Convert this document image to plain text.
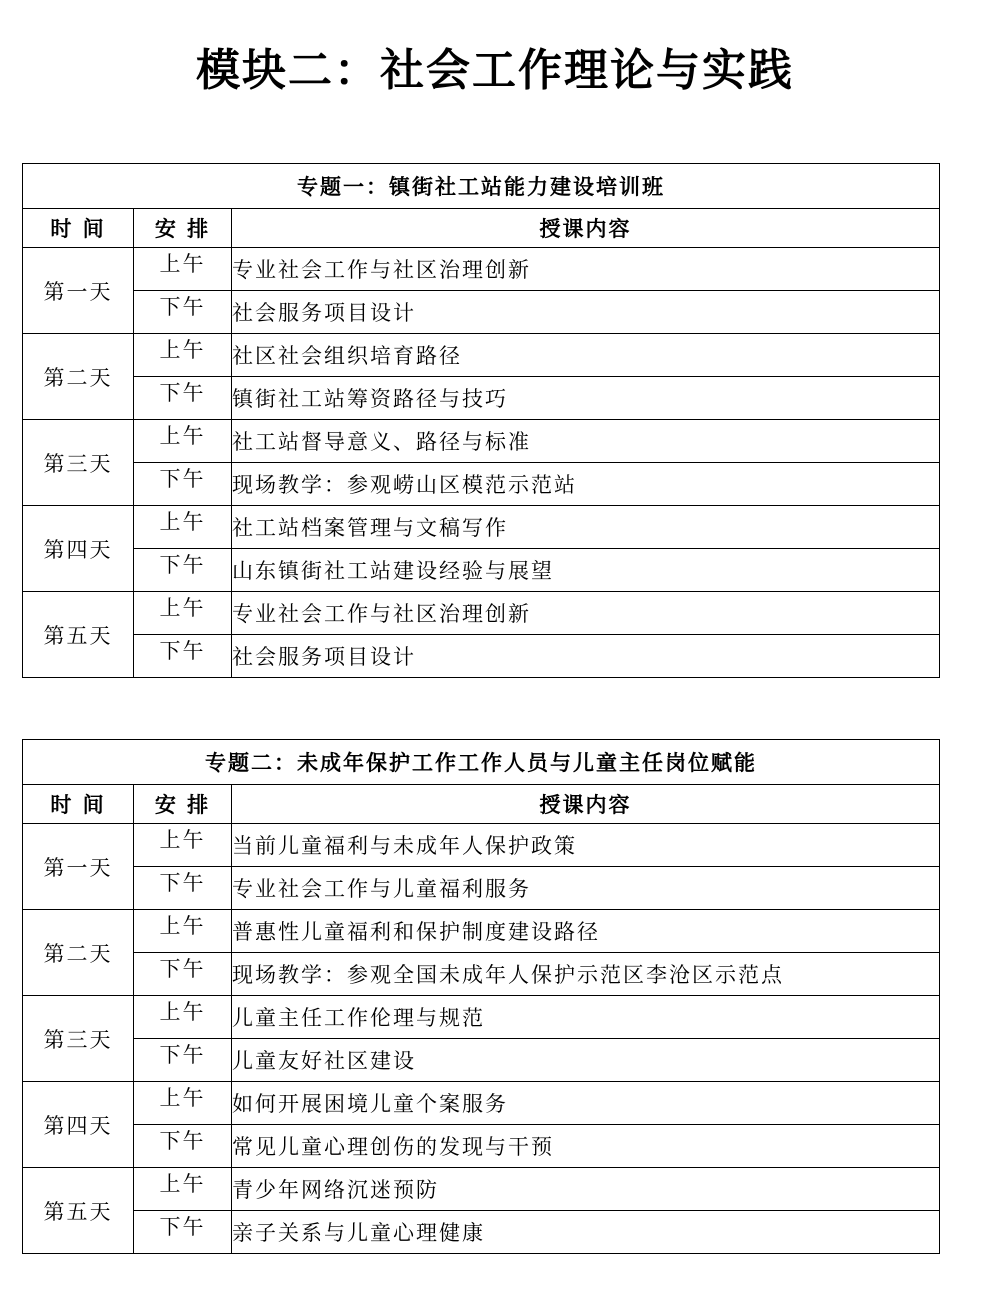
模块二：社会工作理论与实践
专题一：镇街社工站能力建设培训班		
时 间	安 排	授课内容
第一天	上午	专业社会工作与社区治理创新
	下午	社会服务项目设计
第二天	上午	社区社会组织培育路径
	下午	镇街社工站筹资路径与技巧
第三天	上午	社工站督导意义、路径与标准
	下午	现场教学：参观崂山区模范示范站
第四天	上午	社工站档案管理与文稿写作
	下午	山东镇街社工站建设经验与展望
第五天	上午	专业社会工作与社区治理创新
	下午	社会服务项目设计
专题二：未成年保护工作工作人员与儿童主任岗位赋能		
时 间	安 排	授课内容
第一天	上午	当前儿童福利与未成年人保护政策
	下午	专业社会工作与儿童福利服务
第二天	上午	普惠性儿童福利和保护制度建设路径
	下午	现场教学：参观全国未成年人保护示范区李沧区示范点
第三天	上午	儿童主任工作伦理与规范
	下午	儿童友好社区建设
第四天	上午	如何开展困境儿童个案服务
	下午	常见儿童心理创伤的发现与干预
第五天	上午	青少年网络沉迷预防
	下午	亲子关系与儿童心理健康
